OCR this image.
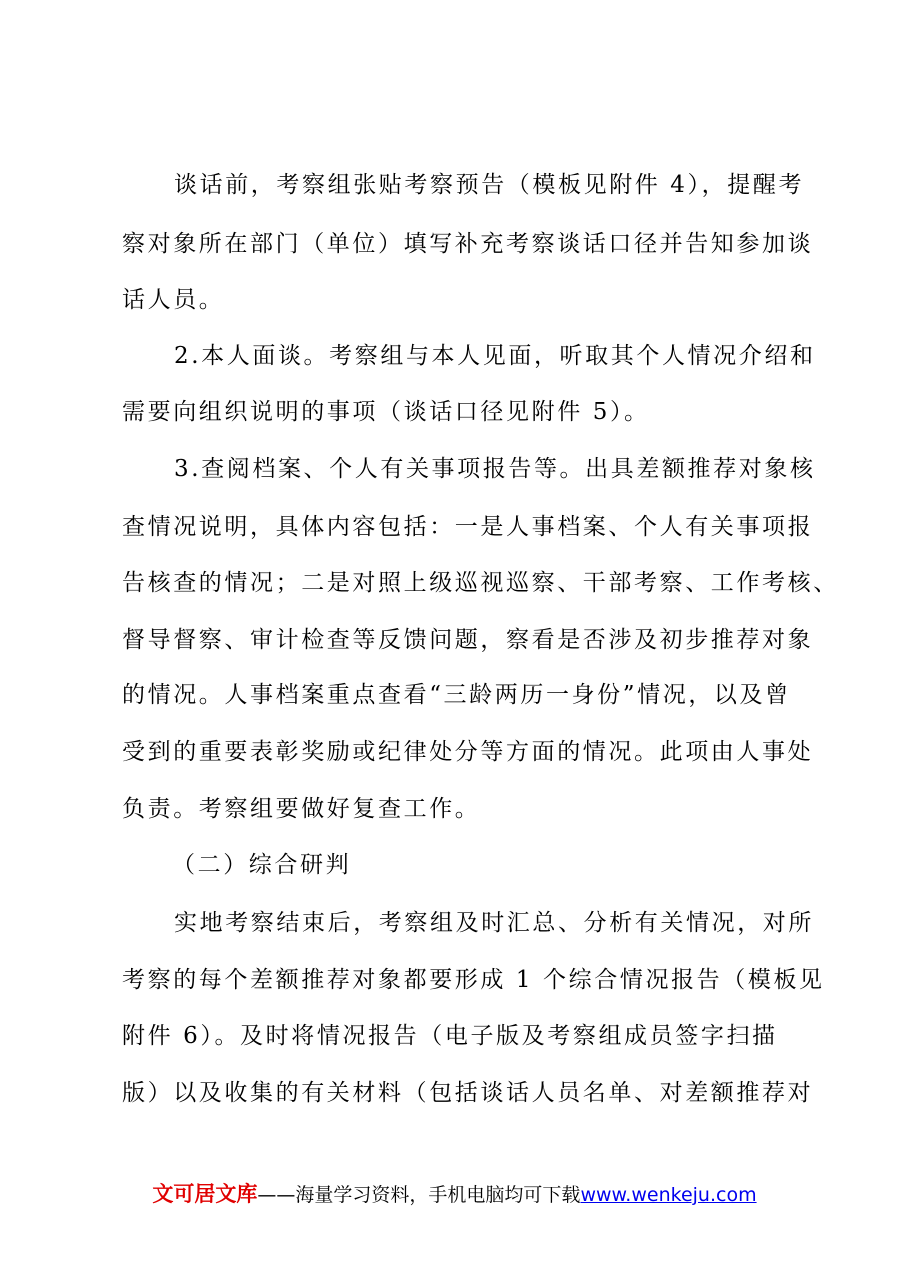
谈话前，考察组张贴考察预告（模板见附件 4），提醒考
察对象所在部门（单位）填写补充考察谈话口径并告知参加谈
话人员。
2.本人面谈。考察组与本人见面，听取其个人情况介绍和
需要向组织说明的事项（谈话口径见附件 5）。
3.查阅档案、个人有关事项报告等。出具差额推荐对象核
查情况说明，具体内容包括：一是人事档案、个人有关事项报
告核查的情况；二是对照上级巡视巡察、干部考察、工作考核、
督导督察、审计检查等反馈问题，察看是否涉及初步推荐对象
的情况。人事档案重点查看“三龄两历一身份”情况，以及曾
受到的重要表彰奖励或纪律处分等方面的情况。此项由人事处
负责。考察组要做好复查工作。
（二）综合研判
实地考察结束后，考察组及时汇总、分析有关情况，对所
考察的每个差额推荐对象都要形成 1 个综合情况报告（模板见
附件 6）。及时将情况报告（电子版及考察组成员签字扫描
版）以及收集的有关材料（包括谈话人员名单、对差额推荐对
文可居文库——海量学习资料，手机电脑均可下载www.wenkeju.com
